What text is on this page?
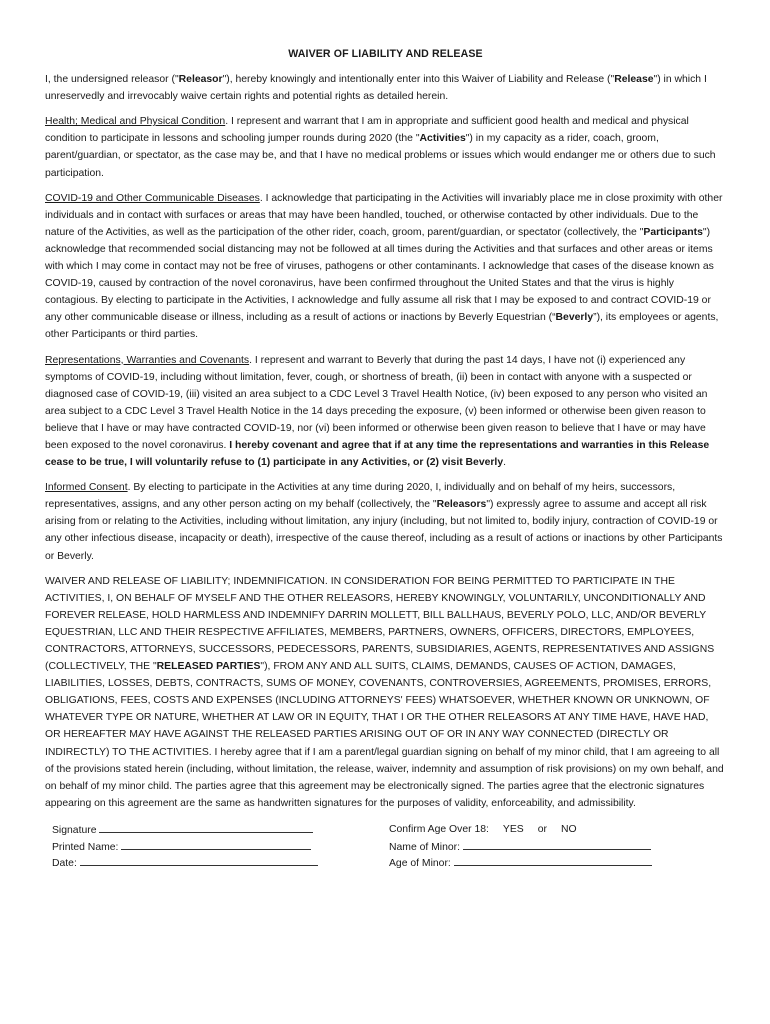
WAIVER OF LIABILITY AND RELEASE

I, the undersigned releasor ("Releasor"), hereby knowingly and intentionally enter into this Waiver of Liability and Release ("Release") in which I unreservedly and irrevocably waive certain rights and potential rights as detailed herein.

Health; Medical and Physical Condition. I represent and warrant that I am in appropriate and sufficient good health and medical and physical condition to participate in lessons and schooling jumper rounds during 2020 (the "Activities") in my capacity as a rider, coach, groom, parent/guardian, or spectator, as the case may be, and that I have no medical problems or issues which would endanger me or others due to such participation.

COVID-19 and Other Communicable Diseases. I acknowledge that participating in the Activities will invariably place me in close proximity with other individuals and in contact with surfaces or areas that may have been handled, touched, or otherwise contacted by other individuals. Due to the nature of the Activities, as well as the participation of the other rider, coach, groom, parent/guardian, or spectator (collectively, the "Participants") acknowledge that recommended social distancing may not be followed at all times during the Activities and that surfaces and other areas or items with which I may come in contact may not be free of viruses, pathogens or other contaminants. I acknowledge that cases of the disease known as COVID-19, caused by contraction of the novel coronavirus, have been confirmed throughout the United States and that the virus is highly contagious. By electing to participate in the Activities, I acknowledge and fully assume all risk that I may be exposed to and contract COVID-19 or any other communicable disease or illness, including as a result of actions or inactions by Beverly Equestrian (“Beverly”), its employees or agents, other Participants or third parties.

Representations, Warranties and Covenants. I represent and warrant to Beverly that during the past 14 days, I have not (i) experienced any symptoms of COVID-19, including without limitation, fever, cough, or shortness of breath, (ii) been in contact with anyone with a suspected or diagnosed case of COVID-19, (iii) visited an area subject to a CDC Level 3 Travel Health Notice, (iv) been exposed to any person who visited an area subject to a CDC Level 3 Travel Health Notice in the 14 days preceding the exposure, (v) been informed or otherwise been given reason to believe that I have or may have contracted COVID-19, nor (vi) been informed or otherwise been given reason to believe that I have or may have been exposed to the novel coronavirus. I hereby covenant and agree that if at any time the representations and warranties in this Release cease to be true, I will voluntarily refuse to (1) participate in any Activities, or (2) visit Beverly.

Informed Consent. By electing to participate in the Activities at any time during 2020, I, individually and on behalf of my heirs, successors, representatives, assigns, and any other person acting on my behalf (collectively, the "Releasors") expressly agree to assume and accept all risk arising from or relating to the Activities, including without limitation, any injury (including, but not limited to, bodily injury, contraction of COVID-19 or any other infectious disease, incapacity or death), irrespective of the cause thereof, including as a result of actions or inactions by other Participants or Beverly.

WAIVER AND RELEASE OF LIABILITY; INDEMNIFICATION. IN CONSIDERATION FOR BEING PERMITTED TO PARTICIPATE IN THE ACTIVITIES, I, ON BEHALF OF MYSELF AND THE OTHER RELEASORS, HEREBY KNOWINGLY, VOLUNTARILY, UNCONDITIONALLY AND FOREVER RELEASE, HOLD HARMLESS AND INDEMNIFY DARRIN MOLLETT, BILL BALLHAUS, BEVERLY POLO, LLC, AND/OR BEVERLY EQUESTRIAN, LLC AND THEIR RESPECTIVE AFFILIATES, MEMBERS, PARTNERS, OWNERS, OFFICERS, DIRECTORS, EMPLOYEES, CONTRACTORS, ATTORNEYS, SUCCESSORS, PEDECESSORS, PARENTS, SUBSIDIARIES, AGENTS, REPRESENTATIVES AND ASSIGNS (COLLECTIVELY, THE "RELEASED PARTIES"), FROM ANY AND ALL SUITS, CLAIMS, DEMANDS, CAUSES OF ACTION, DAMAGES, LIABILITIES, LOSSES, DEBTS, CONTRACTS, SUMS OF MONEY, COVENANTS, CONTROVERSIES, AGREEMENTS, PROMISES, ERRORS, OBLIGATIONS, FEES, COSTS AND EXPENSES (INCLUDING ATTORNEYS' FEES) WHATSOEVER, WHETHER KNOWN OR UNKNOWN, OF WHATEVER TYPE OR NATURE, WHETHER AT LAW OR IN EQUITY, THAT I OR THE OTHER RELEASORS AT ANY TIME HAVE, HAVE HAD, OR HEREAFTER MAY HAVE AGAINST THE RELEASED PARTIES ARISING OUT OF OR IN ANY WAY CONNECTED (DIRECTLY OR INDIRECTLY) TO THE ACTIVITIES. I hereby agree that if I am a parent/legal guardian signing on behalf of my minor child, that I am agreeing to all of the provisions stated herein (including, without limitation, the release, waiver, indemnity and assumption of risk provisions) on my own behalf, and on behalf of my minor child. The parties agree that this agreement may be electronically signed. The parties agree that the electronic signatures appearing on this agreement are the same as handwritten signatures for the purposes of validity, enforceability, and admissibility.

Signature
Printed Name:
Date:
Confirm Age Over 18: YES or NO
Name of Minor:
Age of Minor:
